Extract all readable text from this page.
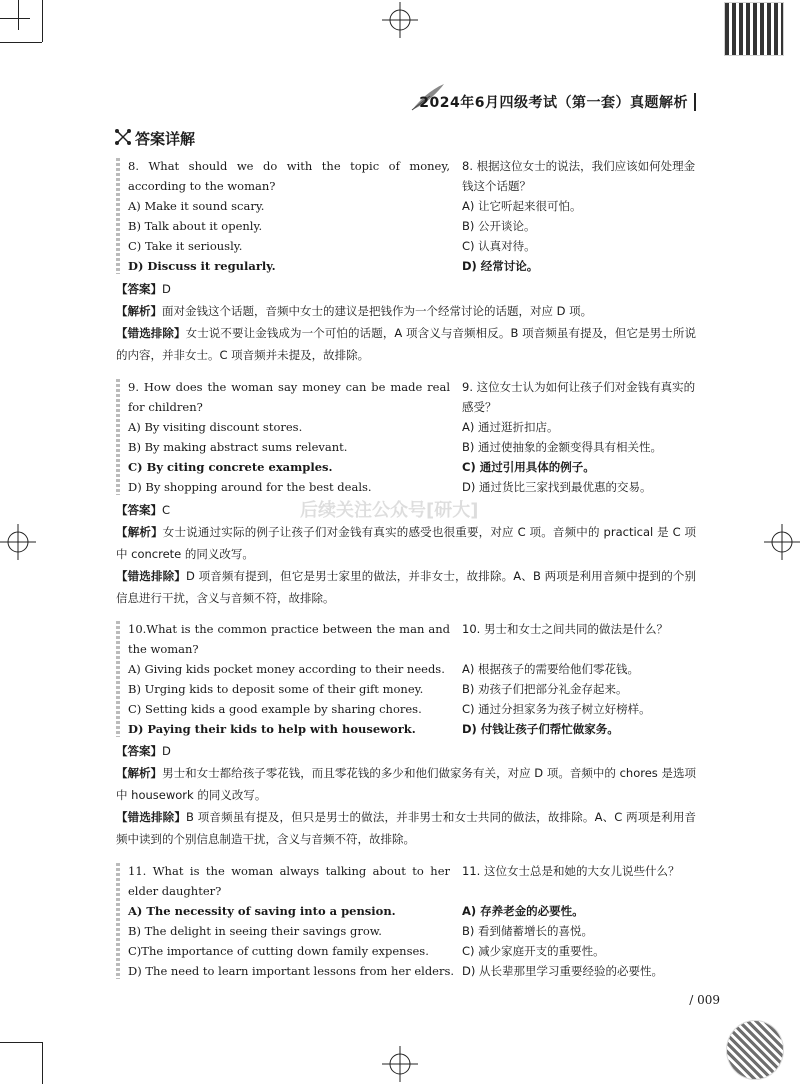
2024年6月四级考试（第一套）真题解析
答案详解
8. What should we do with the topic of money, according to the woman?
A) Make it sound scary.
B) Talk about it openly.
C) Take it seriously.
D) Discuss it regularly.
8. 根据这位女士的说法，我们应该如何处理金钱这个话题？
A) 让它听起来很可怕。
B) 公开谈论。
C) 认真对待。
D) 经常讨论。
【答案】D
【解析】面对金钱这个话题，音频中女士的建议是把钱作为一个经常讨论的话题，对应 D 项。
【错选排除】女士说不要让金钱成为一个可怕的话题，A 项含义与音频相反。B 项音频虽有提及，但它是男士所说的内容，并非女士。C 项音频并未提及，故排除。
9. How does the woman say money can be made real for children?
A) By visiting discount stores.
B) By making abstract sums relevant.
C) By citing concrete examples.
D) By shopping around for the best deals.
9. 这位女士认为如何让孩子们对金钱有真实的感受？
A) 通过逛折扣店。
B) 通过使抽象的金额变得具有相关性。
C) 通过引用具体的例子。
D) 通过货比三家找到最优惠的交易。
【答案】C
【解析】女士说通过实际的例子让孩子们对金钱有真实的感受也很重要，对应 C 项。音频中的 practical 是 C 项中 concrete 的同义改写。
【错选排除】D 项音频有提到，但它是男士家里的做法，并非女士，故排除。A、B 两项是利用音频中提到的个别信息进行干扰，含义与音频不符，故排除。
后续关注公众号[研大]
10.What is the common practice between the man and the woman?
A) Giving kids pocket money according to their needs.
B) Urging kids to deposit some of their gift money.
C) Setting kids a good example by sharing chores.
D) Paying their kids to help with housework.
10. 男士和女士之间共同的做法是什么？
A) 根据孩子的需要给他们零花钱。
B) 劝孩子们把部分礼金存起来。
C) 通过分担家务为孩子树立好榜样。
D) 付钱让孩子们帮忙做家务。
【答案】D
【解析】男士和女士都给孩子零花钱，而且零花钱的多少和他们做家务有关，对应 D 项。音频中的 chores 是选项中 housework 的同义改写。
【错选排除】B 项音频虽有提及，但只是男士的做法，并非男士和女士共同的做法，故排除。A、C 两项是利用音频中读到的个别信息制造干扰，含义与音频不符，故排除。
11. What is the woman always talking about to her elder daughter?
A) The necessity of saving into a pension.
B) The delight in seeing their savings grow.
C)The importance of cutting down family expenses.
D) The need to learn important lessons from her elders.
11. 这位女士总是和她的大女儿说些什么？
A) 存养老金的必要性。
B) 看到储蓄增长的喜悦。
C) 减少家庭开支的重要性。
D) 从长辈那里学习重要经验的必要性。
/ 009
